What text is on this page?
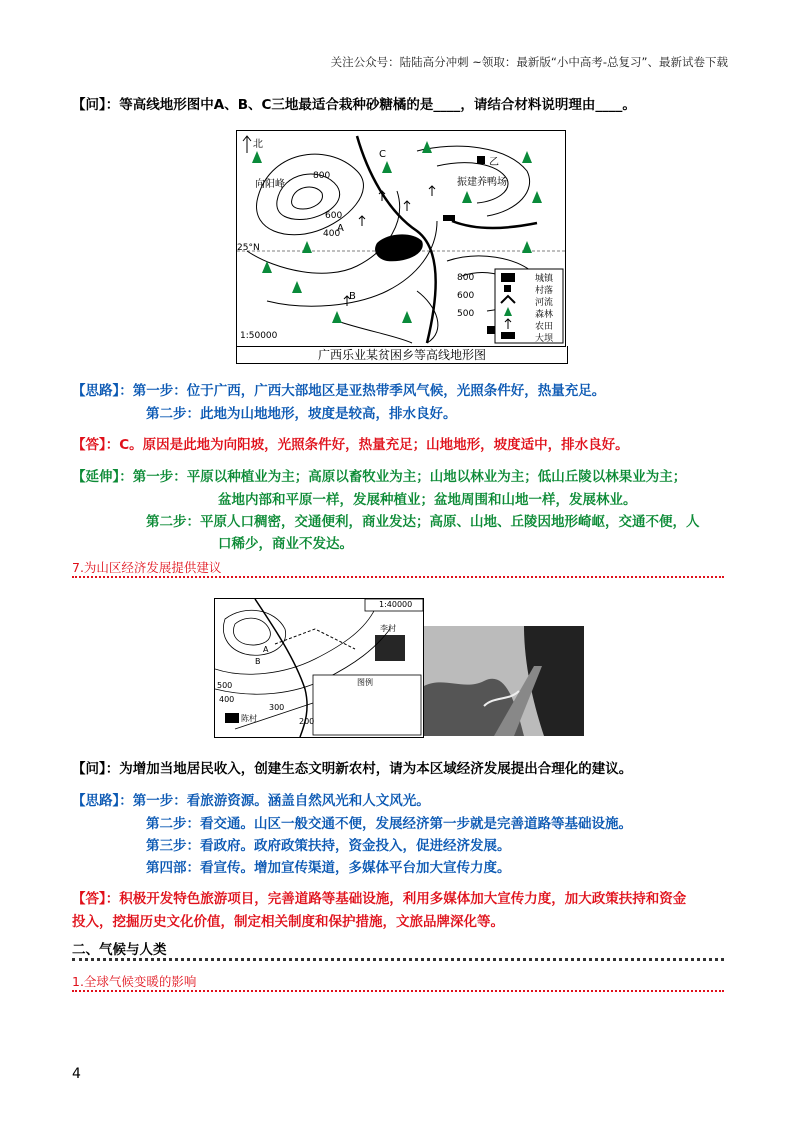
关注公众号：陆陆高分冲刺 ~领取：最新版“小中高考-总复习”、最新试卷下载
【问】：等高线地形图中A、B、C三地最适合栽种砂糖橘的是____，请结合材料说明理由____。
北
向阳峰	振建养鸭场
乙
甲
25°N
A
B
C
800
600
400
800
600
500
1:50000
城镇
村落
河流
森林
农田
大坝
广西乐业某贫困乡等高线地形图
【思路】：第一步：位于广西，广西大部地区是亚热带季风气候，光照条件好，热量充足。
第二步：此地为山地地形，坡度是较高，排水良好。
【答】：C。原因是此地为向阳坡，光照条件好，热量充足；山地地形，坡度适中，排水良好。
【延伸】：第一步：平原以种植业为主；高原以畜牧业为主；山地以林业为主；低山丘陵以林果业为主；
盆地内部和平原一样，发展种植业；盆地周围和山地一样，发展林业。
第二步：平原人口稠密，交通便利，商业发达；高原、山地、丘陵因地形崎岖，交通不便，人
口稀少，商业不发达。
7.为山区经济发展提供建议
1:40000
李村
陈村
图例
A
B
500
400
300
200
【问】：为增加当地居民收入，创建生态文明新农村，请为本区域经济发展提出合理化的建议。
【思路】：第一步：看旅游资源。涵盖自然风光和人文风光。
第二步：看交通。山区一般交通不便，发展经济第一步就是完善道路等基础设施。
第三步：看政府。政府政策扶持，资金投入，促进经济发展。
第四部：看宣传。增加宣传渠道，多媒体平台加大宣传力度。
【答】：积极开发特色旅游项目，完善道路等基础设施，利用多媒体加大宣传力度，加大政策扶持和资金
投入，挖掘历史文化价值，制定相关制度和保护措施，文旅品牌深化等。
二、气候与人类
1.全球气候变暖的影响
4
